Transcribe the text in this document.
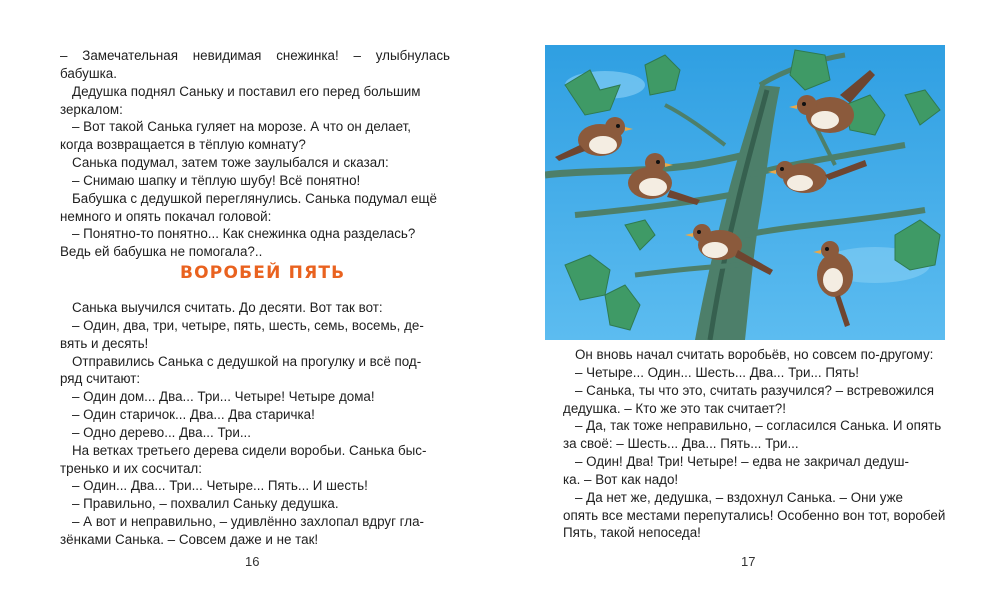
– Замечательная невидимая снежинка! – улыбнулась бабушка.

Дедушка поднял Саньку и поставил его перед большим
зеркалом:

– Вот такой Санька гуляет на морозе. А что он делает,
когда возвращается в тёплую комнату?

Санька подумал, затем тоже заулыбался и сказал:

– Снимаю шапку и тёплую шубу! Всё понятно!

Бабушка с дедушкой переглянулись. Санька подумал ещё
немного и опять покачал головой:

– Понятно-то понятно... Как снежинка одна разделась?
Ведь ей бабушка не помогала?..

ВОРОБЕЙ ПЯТЬ

Санька выучился считать. До десяти. Вот так вот:

– Один, два, три, четыре, пять, шесть, семь, восемь, де-
вять и десять!

Отправились Санька с дедушкой на прогулку и всё под-
ряд считают:

– Один дом... Два... Три... Четыре! Четыре дома!

– Один старичок... Два... Два старичка!

– Одно дерево... Два... Три...

На ветках третьего дерева сидели воробьи. Санька быс-
тренько и их сосчитал:

– Один... Два... Три... Четыре... Пять... И шесть!

– Правильно, – похвалил Саньку дедушка.

– А вот и неправильно, – удивлённо захлопал вдруг гла-
зёнками Санька. – Совсем даже и не так!

16

Он вновь начал считать воробьёв, но совсем по-другому:

– Четыре... Один... Шесть... Два... Три... Пять!

– Санька, ты что это, считать разучился? – встревожился
дедушка. – Кто же это так считает?!

– Да, так тоже неправильно, – согласился Санька. И опять
за своё: – Шесть... Два... Пять... Три...

– Один! Два! Три! Четыре! – едва не закричал дедуш-
ка. – Вот как надо!

– Да нет же, дедушка, – вздохнул Санька. – Они уже
опять все местами перепутались! Особенно вон тот, воробей
Пять, такой непоседа!

17
